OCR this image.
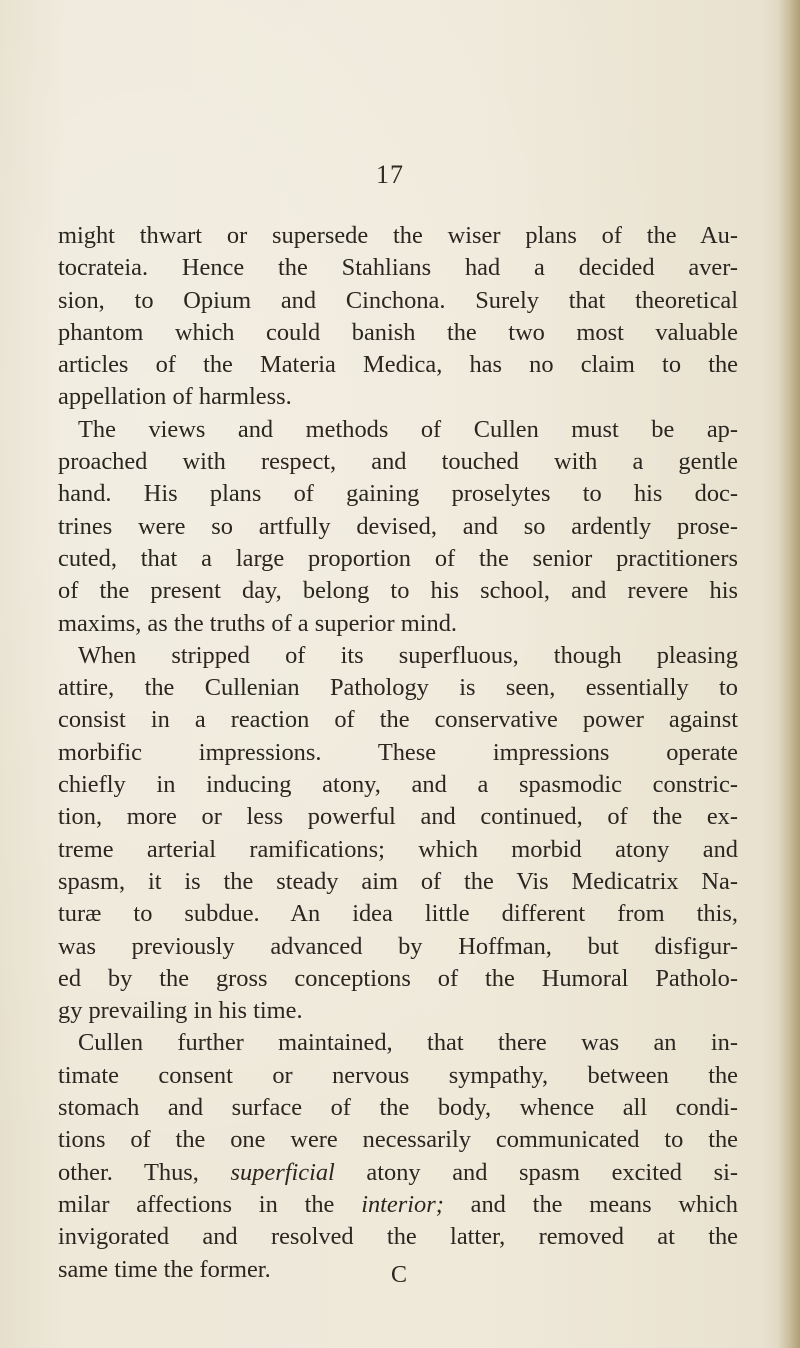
17
might thwart or supersede the wiser plans of the Au-
tocrateia. Hence the Stahlians had a decided aver-
sion, to Opium and Cinchona. Surely that theoretical
phantom which could banish the two most valuable
articles of the Materia Medica, has no claim to the
appellation of harmless.
The views and methods of Cullen must be ap-
proached with respect, and touched with a gentle
hand. His plans of gaining proselytes to his doc-
trines were so artfully devised, and so ardently prose-
cuted, that a large proportion of the senior practitioners
of the present day, belong to his school, and revere his
maxims, as the truths of a superior mind.
When stripped of its superfluous, though pleasing
attire, the Cullenian Pathology is seen, essentially to
consist in a reaction of the conservative power against
morbific impressions. These impressions operate
chiefly in inducing atony, and a spasmodic constric-
tion, more or less powerful and continued, of the ex-
treme arterial ramifications; which morbid atony and
spasm, it is the steady aim of the Vis Medicatrix Na-
turæ to subdue. An idea little different from this,
was previously advanced by Hoffman, but disfigur-
ed by the gross conceptions of the Humoral Patholo-
gy prevailing in his time.
Cullen further maintained, that there was an in-
timate consent or nervous sympathy, between the
stomach and surface of the body, whence all condi-
tions of the one were necessarily communicated to the
other. Thus, superficial atony and spasm excited si-
milar affections in the interior; and the means which
invigorated and resolved the latter, removed at the
same time the former.	C
